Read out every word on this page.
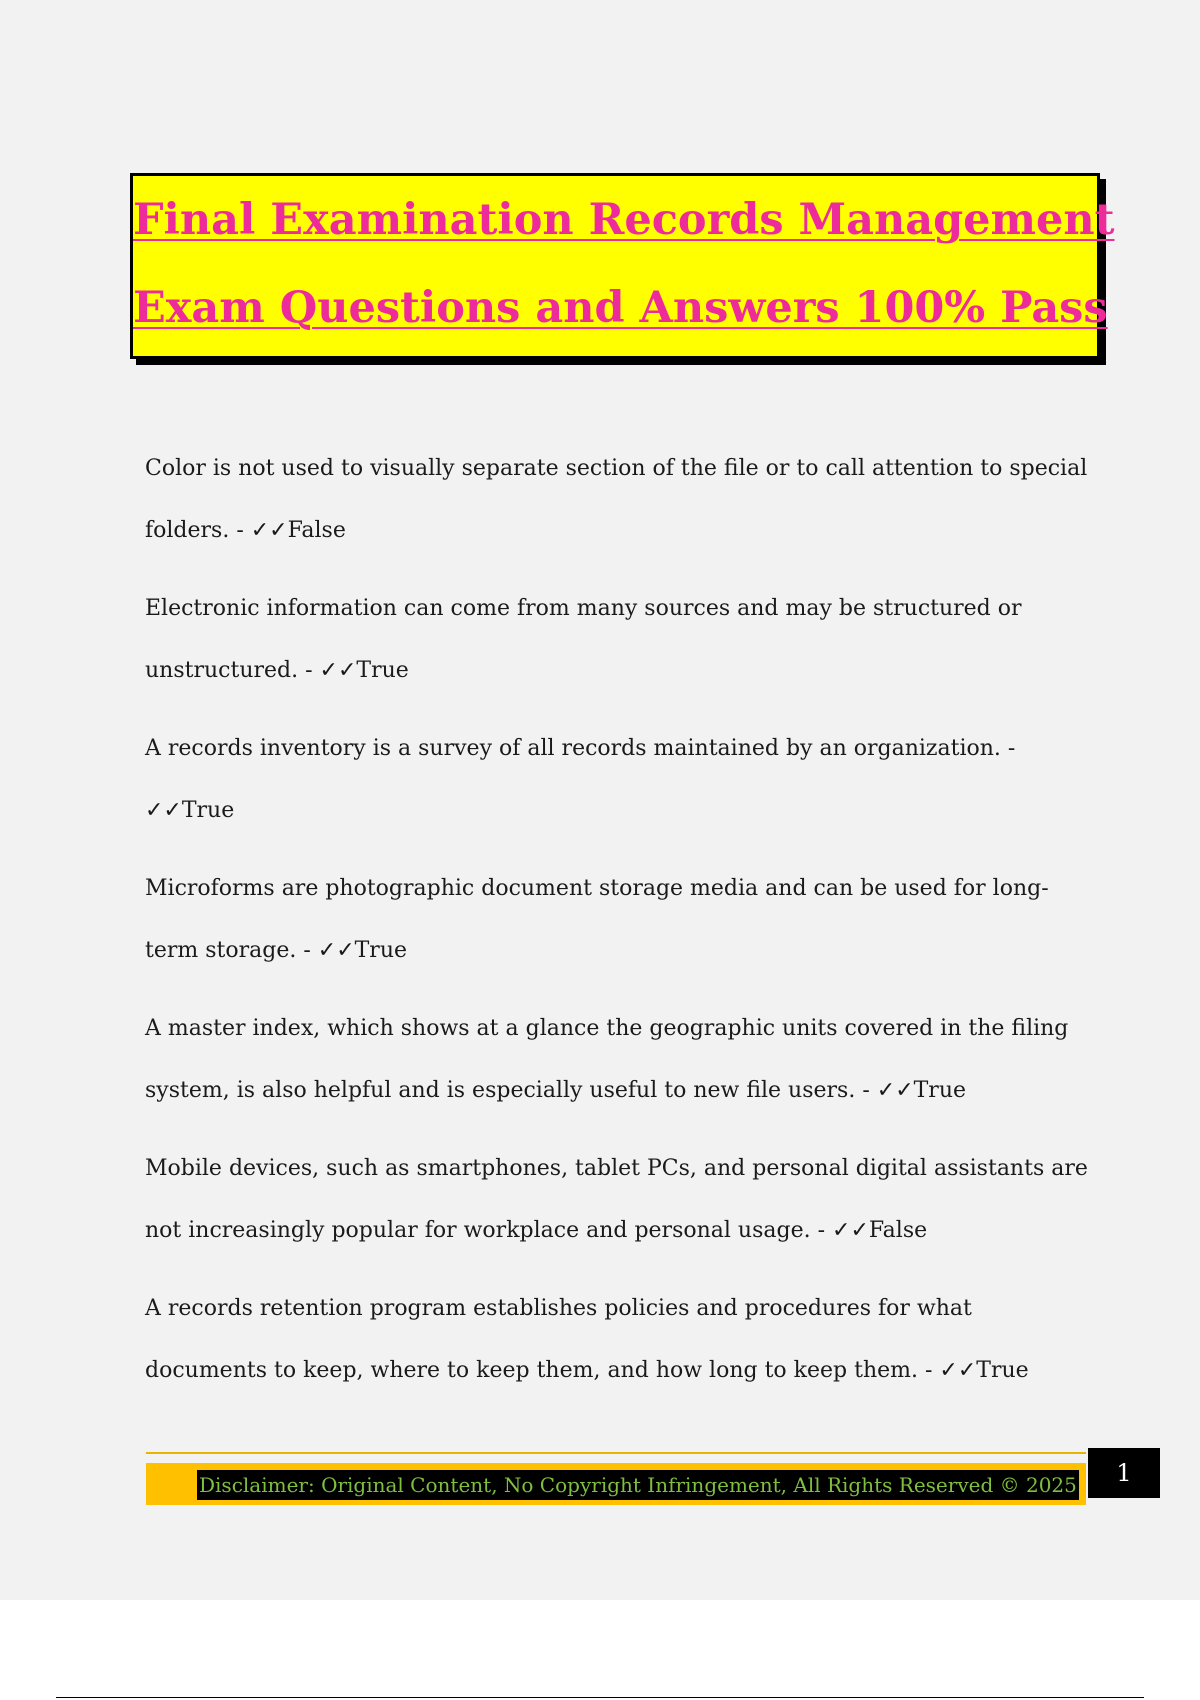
Final Examination Records Management
Exam Questions and Answers 100% Pass
Color is not used to visually separate section of the file or to call attention to special folders. - ✓✓False
Electronic information can come from many sources and may be structured or unstructured. - ✓✓True
A records inventory is a survey of all records maintained by an organization. - ✓✓True
Microforms are photographic document storage media and can be used for long-term storage. - ✓✓True
A master index, which shows at a glance the geographic units covered in the filing system, is also helpful and is especially useful to new file users. - ✓✓True
Mobile devices, such as smartphones, tablet PCs, and personal digital assistants are not increasingly popular for workplace and personal usage. - ✓✓False
A records retention program establishes policies and procedures for what documents to keep, where to keep them, and how long to keep them. - ✓✓True
Disclaimer: Original Content, No Copyright Infringement, All Rights Reserved © 2025	1
